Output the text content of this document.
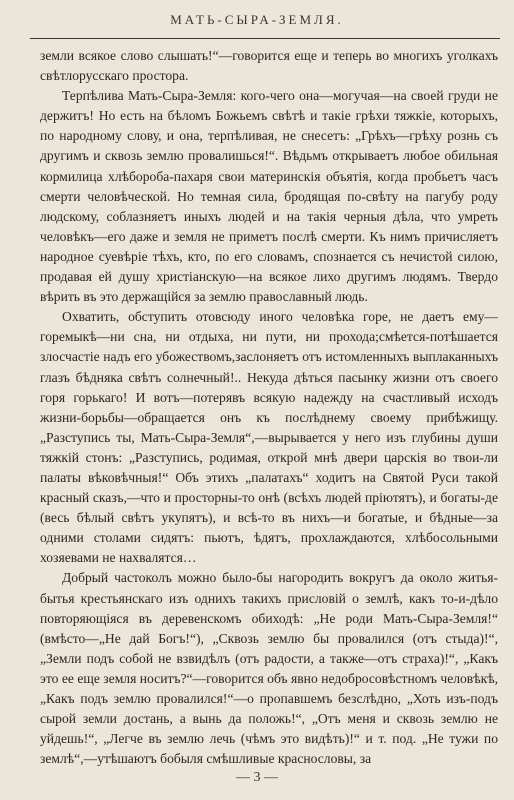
МАТЬ-СЫРА-ЗЕМЛЯ.

земли всякое слово слышать!“—говорится еще и теперь во многихъ уголкахъ свѣтлорусскаго простора.

Терпѣлива Мать-Сыра-Земля: кого-чего она—могучая—на своей груди не держитъ! Но есть на бѣломъ Божьемъ свѣтѣ и такіе грѣхи тяжкіе, которыхъ, по народному слову, и она, терпѣливая, не снесетъ: „Грѣхъ—грѣху рознь съ другимъ и сквозь землю провалишься!“. Вѣдьмъ открываетъ любое обильная кормилица хлѣбороба-пахаря свои материнскія объятія, когда пробьетъ часъ смерти человѣческой. Но темная сила, бродящая по-свѣту на пагубу роду людскому, соблазняетъ иныхъ людей и на такія черныя дѣла, что умреть человѣкъ—его даже и земля не приметъ послѣ смерти. Къ нимъ причисляетъ народное суевѣріе тѣхъ, кто, по его словамъ, спознается съ нечистой силою, продавая ей душу христіанскую—на всякое лихо другимъ людямъ. Твердо вѣрить въ это держащійся за землю православный людь.

Охватить, обступить отовсюду иного человѣка горе, не даетъ ему—горемыкѣ—ни сна, ни отдыха, ни пути, ни прохода;смѣется-потѣшается злосчастіе надъ его убожествомъ,заслоняетъ отъ истомленныхъ выплаканныхъ глазъ бѣдняка свѣтъ солнечный!.. Некуда дѣться пасынку жизни отъ своего горя горькаго! И вотъ—потерявъ всякую надежду на счастливый исходъ жизни-борьбы—обращается онъ къ послѣднему своему прибѣжищу. „Разступись ты, Мать-Сыра-Земля“,—вырывается у него изъ глубины души тяжкій стонъ: „Разступись, родимая, открой мнѣ двери царскія во твои-ли палаты вѣковѣчныя!“ Объ этихъ „палатахъ“ ходитъ на Святой Руси такой красный сказъ,—что и просторны-то онѣ (всѣхъ людей пріютятъ), и богаты-де (весь бѣлый свѣтъ укупятъ), и всѣ-то въ нихъ—и богатые, и бѣдные—за одними столами сидятъ: пьютъ, ѣдятъ, прохлаждаются, хлѣбосольными хозяевами не нахвалятся…

Добрый частоколъ можно было-бы нагородить вокругъ да около житья-бытья крестьянскаго изъ однихъ такихъ присловій о землѣ, какъ то-и-дѣло повторяющіяся въ деревенскомъ обиходѣ: „Не роди Мать-Сыра-Земля!“ (вмѣсто—„Не дай Богъ!“), „Сквозь землю бы провалился (отъ стыда)!“, „Земли подъ собой не взвидѣлъ (отъ радости, а также—отъ страха)!“, „Какъ это ее еще земля носитъ?“—говорится объ явно недобросовѣстномъ человѣкѣ, „Какъ подъ землю провалился!“—о пропавшемъ безслѣдно, „Хоть изъ-подъ сырой земли достань, а вынь да положь!“, „Отъ меня и сквозь землю не уйдешь!“, „Легче въ землю лечь (чѣмъ это видѣть)!“ и т. под. „Не тужи по землѣ“,—утѣшаютъ бобыля смѣшливые краснословы, за

— 3 —
